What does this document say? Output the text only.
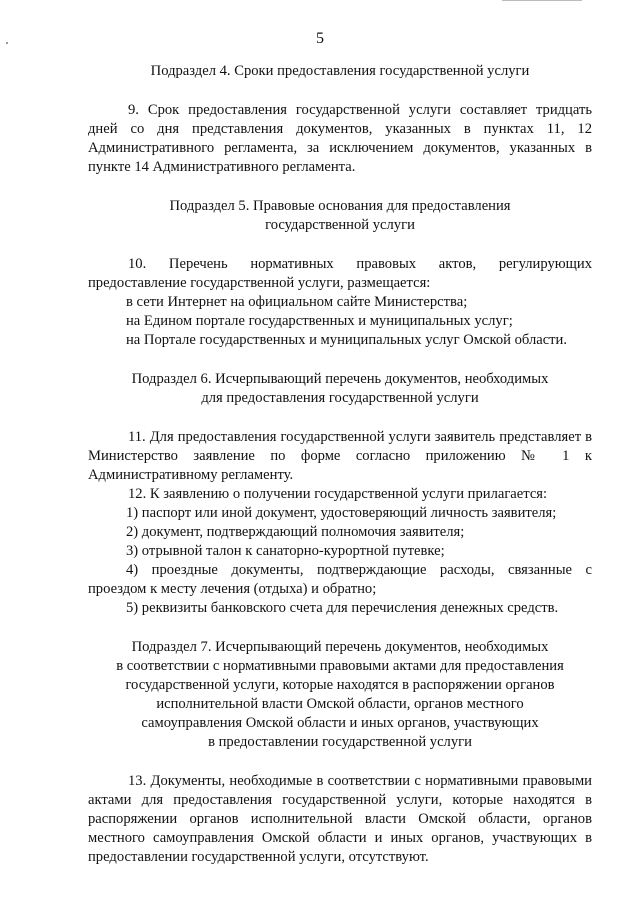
5
Подраздел 4. Сроки предоставления государственной услуги

9. Срок предоставления государственной услуги составляет тридцать дней со дня представления документов, указанных в пунктах 11, 12 Административного регламента, за исключением документов, указанных в пункте 14 Административного регламента.

Подраздел 5. Правовые основания для предоставления
государственной услуги

10. Перечень нормативных правовых актов, регулирующих предоставление государственной услуги, размещается:

в сети Интернет на официальном сайте Министерства;

на Едином портале государственных и муниципальных услуг;

на Портале государственных и муниципальных услуг Омской области.

Подраздел 6. Исчерпывающий перечень документов, необходимых
для предоставления государственной услуги

11. Для предоставления государственной услуги заявитель представляет в Министерство заявление по форме согласно приложению № 1 к Административному регламенту.

12. К заявлению о получении государственной услуги прилагается:

1) паспорт или иной документ, удостоверяющий личность заявителя;

2) документ, подтверждающий полномочия заявителя;

3) отрывной талон к санаторно-курортной путевке;

4) проездные документы, подтверждающие расходы, связанные с проездом к месту лечения (отдыха) и обратно;

5) реквизиты банковского счета для перечисления денежных средств.

Подраздел 7. Исчерпывающий перечень документов, необходимых
в соответствии с нормативными правовыми актами для предоставления
государственной услуги, которые находятся в распоряжении органов
исполнительной власти Омской области, органов местного
самоуправления Омской области и иных органов, участвующих
в предоставлении государственной услуги

13. Документы, необходимые в соответствии с нормативными правовыми актами для предоставления государственной услуги, которые находятся в распоряжении органов исполнительной власти Омской области, органов местного самоуправления Омской области и иных органов, участвующих в предоставлении государственной услуги, отсутствуют.
